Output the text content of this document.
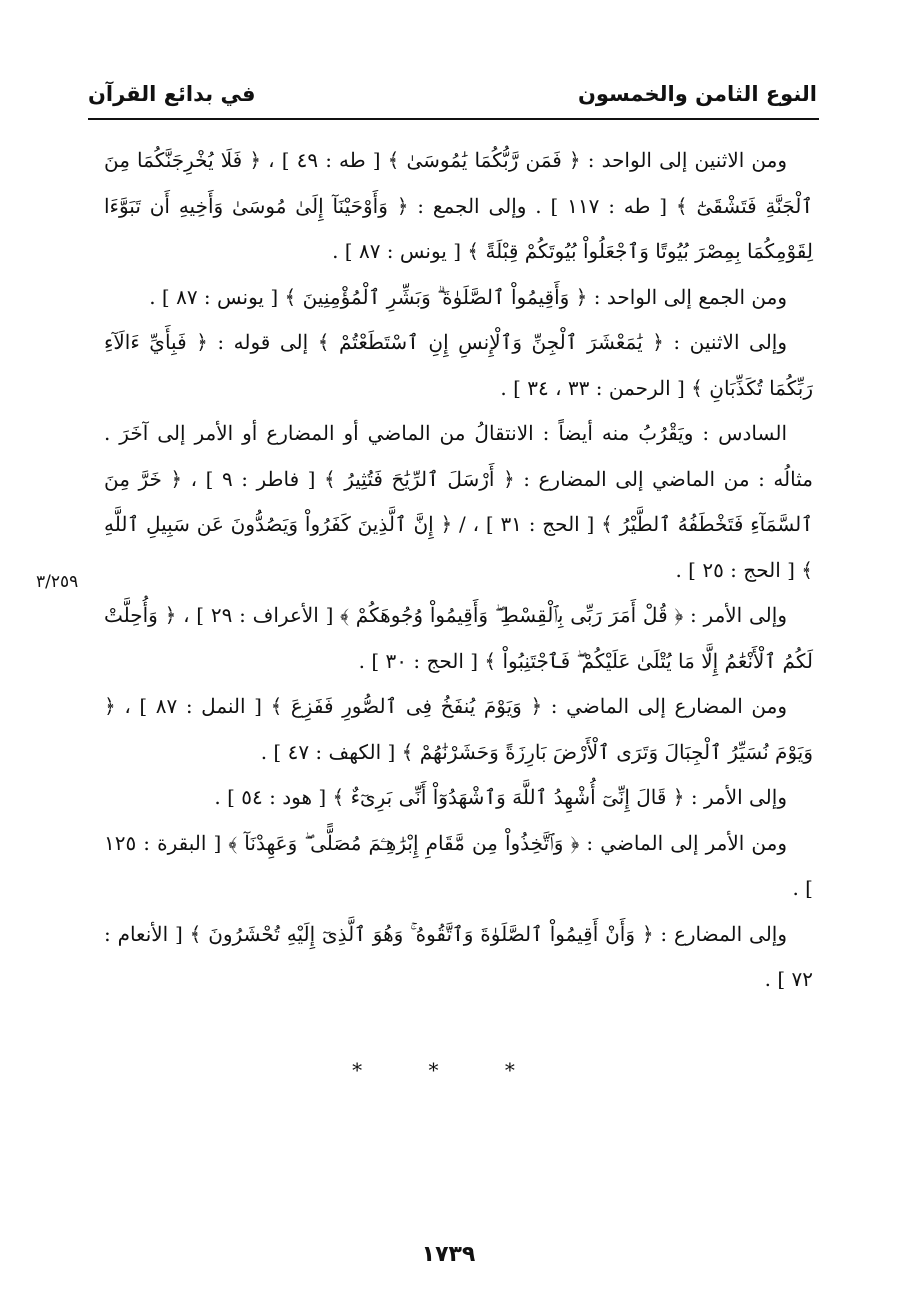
النوع الثامن والخمسون
في بدائع القرآن

ومن الاثنين إلى الواحد : ﴿ فَمَن رَّبُّكُمَا يَٰمُوسَىٰ ﴾ [ طه : ٤٩ ] ، ﴿ فَلَا يُخْرِجَنَّكُمَا مِنَ ٱلْجَنَّةِ فَتَشْقَىٰٓ ﴾ [ طه : ١١٧ ] . وإلى الجمع : ﴿ وَأَوْحَيْنَآ إِلَىٰ مُوسَىٰ وَأَخِيهِ أَن تَبَوَّءَا لِقَوْمِكُمَا بِمِصْرَ بُيُوتًا وَٱجْعَلُواْ بُيُوتَكُمْ قِبْلَةً ﴾ [ يونس : ٨٧ ] .

ومن الجمع إلى الواحد : ﴿ وَأَقِيمُواْ ٱلصَّلَوٰةَ ۗ وَبَشِّرِ ٱلْمُؤْمِنِينَ ﴾ [ يونس : ٨٧ ] .

وإلى الاثنين : ﴿ يَٰمَعْشَرَ ٱلْجِنِّ وَٱلْإِنسِ إِنِ ٱسْتَطَعْتُمْ ﴾ إلى قوله : ﴿ فَبِأَيِّ ءَالَآءِ رَبِّكُمَا تُكَذِّبَانِ ﴾ [ الرحمن : ٣٣ ، ٣٤ ] .

السادس : ويَقْرُبُ منه أيضاً : الانتقالُ من الماضي أو المضارع أو الأمر إلى آخَرَ . مثالُه : من الماضي إلى المضارع : ﴿ أَرْسَلَ ٱلرِّيَٰحَ فَتُثِيرُ ﴾ [ فاطر : ٩ ] ، ﴿ خَرَّ مِنَ ٱلسَّمَآءِ فَتَخْطَفُهُ ٱلطَّيْرُ ﴾ [ الحج : ٣١ ] ، / ﴿ إِنَّ ٱلَّذِينَ كَفَرُواْ وَيَصُدُّونَ عَن سَبِيلِ ٱللَّهِ ﴾ [ الحج : ٢٥ ] .

وإلى الأمر : ﴿ قُلْ أَمَرَ رَبِّى بِٱلْقِسْطِ ۖ وَأَقِيمُواْ وُجُوهَكُمْ ﴾ [ الأعراف : ٢٩ ] ، ﴿ وَأُحِلَّتْ لَكُمُ ٱلْأَنْعَٰمُ إِلَّا مَا يُتْلَىٰ عَلَيْكُمْ ۖ فَٱجْتَنِبُواْ ﴾ [ الحج : ٣٠ ] .

ومن المضارع إلى الماضي : ﴿ وَيَوْمَ يُنفَخُ فِى ٱلصُّورِ فَفَزِعَ ﴾ [ النمل : ٨٧ ] ، ﴿ وَيَوْمَ نُسَيِّرُ ٱلْجِبَالَ وَتَرَى ٱلْأَرْضَ بَارِزَةً وَحَشَرْنَٰهُمْ ﴾ [ الكهف : ٤٧ ] .

وإلى الأمر : ﴿ قَالَ إِنِّىٓ أُشْهِدُ ٱللَّهَ وَٱشْهَدُوٓاْ أَنِّى بَرِىٓءٌ ﴾ [ هود : ٥٤ ] .

ومن الأمر إلى الماضي : ﴿ وَٱتَّخِذُواْ مِن مَّقَامِ إِبْرَٰهِـۧمَ مُصَلًّى ۖ وَعَهِدْنَآ ﴾ [ البقرة : ١٢٥ ] .

وإلى المضارع : ﴿ وَأَنْ أَقِيمُواْ ٱلصَّلَوٰةَ وَٱتَّقُوهُ ۚ وَهُوَ ٱلَّذِىٓ إِلَيْهِ تُحْشَرُونَ ﴾ [ الأنعام : ٧٢ ] .

٣/٢٥٩
* * *
١٧٣٩
